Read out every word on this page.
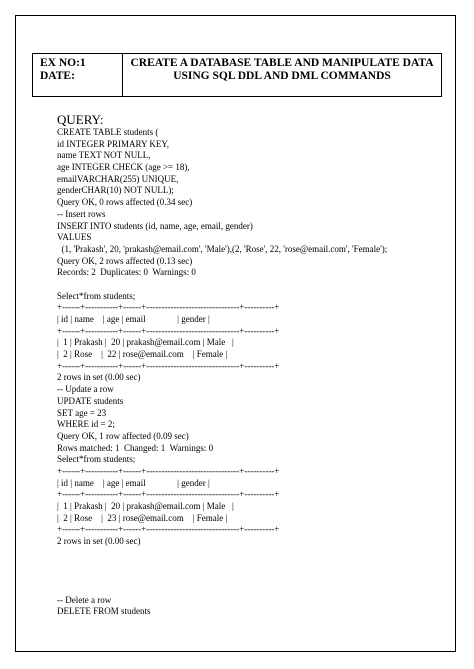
EX NO:1
DATE:
CREATE A DATABASE TABLE AND MANIPULATE DATA
USING SQL DDL AND DML COMMANDS
QUERY:
CREATE TABLE students (
id INTEGER PRIMARY KEY,
name TEXT NOT NULL,
age INTEGER CHECK (age >= 18),
emailVARCHAR(255) UNIQUE,
genderCHAR(10) NOT NULL);
Query OK, 0 rows affected (0.34 sec)
-- Insert rows
INSERT INTO students (id, name, age, email, gender)
VALUES
(1, 'Prakash', 20, 'prakash@email.com', 'Male'),(2, 'Rose', 22, 'rose@email.com', 'Female');
Query OK, 2 rows affected (0.13 sec)
Records: 2  Duplicates: 0  Warnings: 0
Select*from students;
+------+-----------+------+-------------------------------+----------+
| id | name    | age | email              | gender |
+------+-----------+------+-------------------------------+----------+
|  1 | Prakash |  20 | prakash@email.com | Male   |
|  2 | Rose    |  22 | rose@email.com    | Female |
+------+-----------+------+-------------------------------+----------+
2 rows in set (0.00 sec)
-- Update a row
UPDATE students
SET age = 23
WHERE id = 2;
Query OK, 1 row affected (0.09 sec)
Rows matched: 1  Changed: 1  Warnings: 0
Select*from students;
+------+-----------+------+-------------------------------+----------+
| id | name    | age | email              | gender |
+------+-----------+------+-------------------------------+----------+
|  1 | Prakash |  20 | prakash@email.com | Male   |
|  2 | Rose    |  23 | rose@email.com    | Female |
+------+-----------+------+-------------------------------+----------+
2 rows in set (0.00 sec)
-- Delete a row
DELETE FROM students
